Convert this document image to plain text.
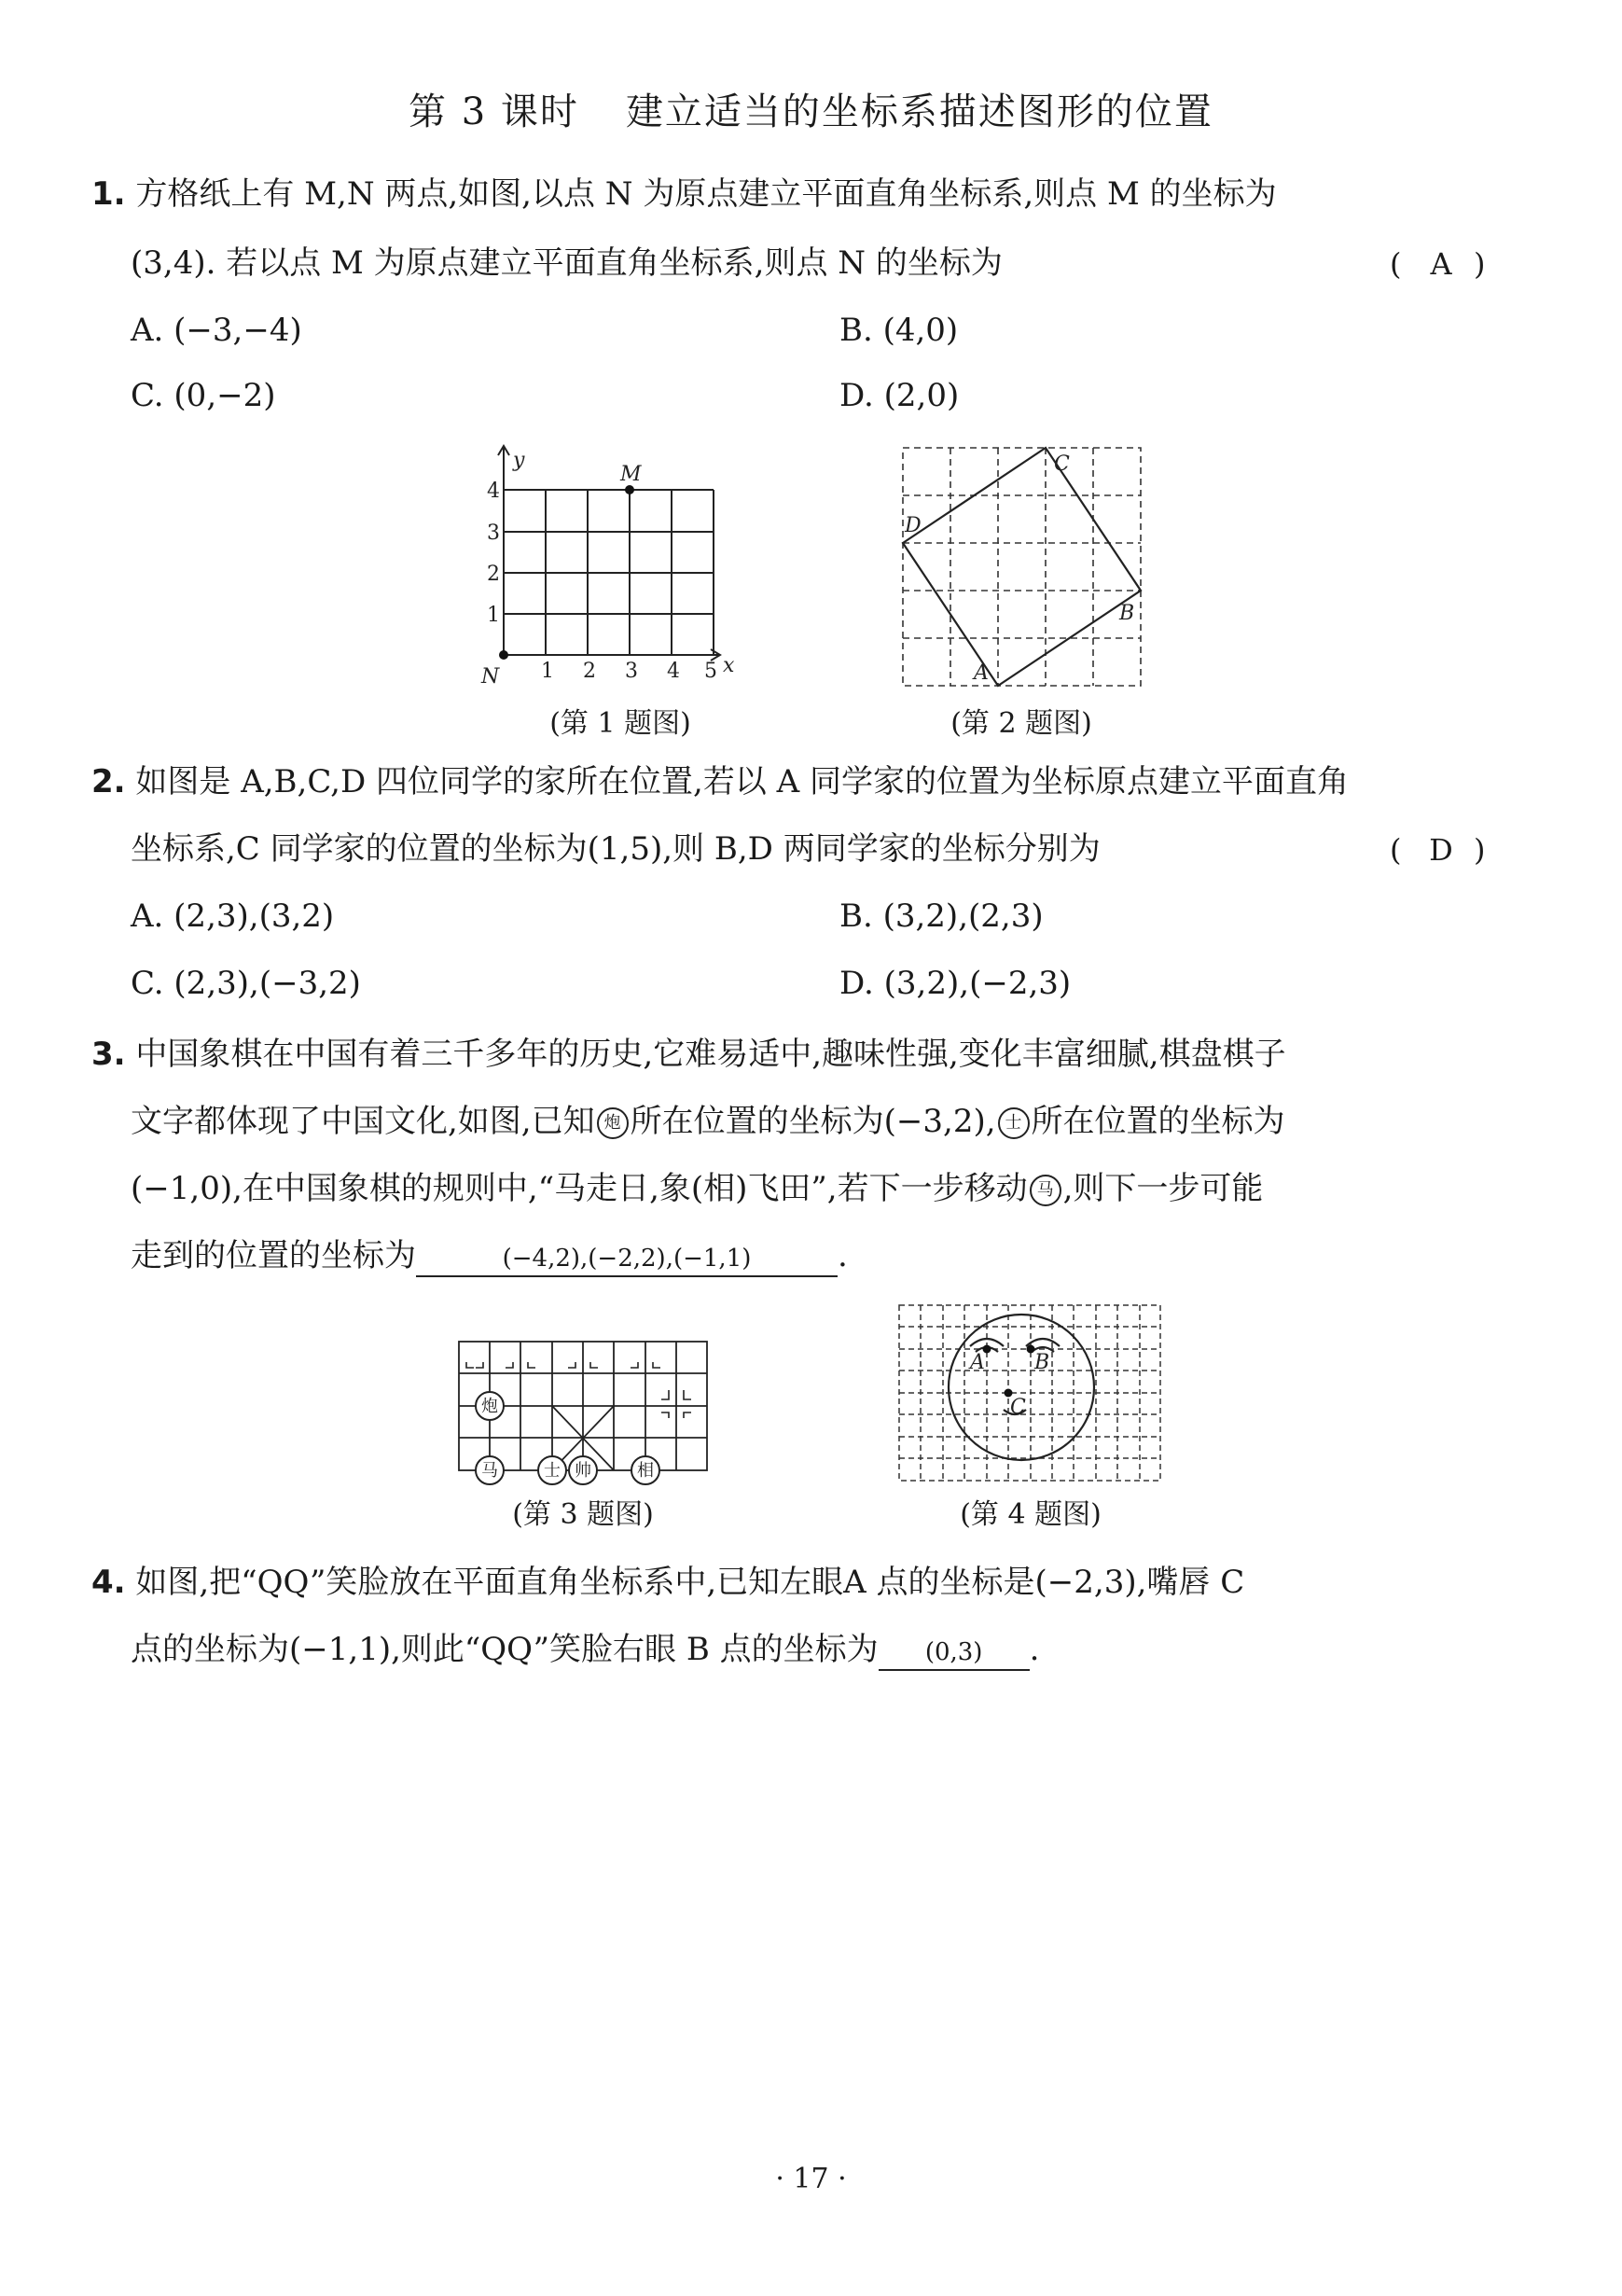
第 3 课时 建立适当的坐标系描述图形的位置
1. 方格纸上有 M,N 两点,如图,以点 N 为原点建立平面直角坐标系,则点 M 的坐标为
(3,4). 若以点 M 为原点建立平面直角坐标系,则点 N 的坐标为	( A )
A. (−3,−4)	B. (4,0)
C. (0,−2)	D. (2,0)
y
x
N
M
1 2 3 4 5
1
2
3
4
(第 1 题图)
A
B
C
D
(第 2 题图)
2. 如图是 A,B,C,D 四位同学的家所在位置,若以 A 同学家的位置为坐标原点建立平面直角
坐标系,C 同学家的位置的坐标为(1,5),则 B,D 两同学家的坐标分别为	( D )
A. (2,3),(3,2)	B. (3,2),(2,3)
C. (2,3),(−3,2)	D. (3,2),(−2,3)
3. 中国象棋在中国有着三千多年的历史,它难易适中,趣味性强,变化丰富细腻,棋盘棋子
文字都体现了中国文化,如图,已知 炮 所在位置的坐标为(−3,2), 士 所在位置的坐标为
(−1,0),在中国象棋的规则中,“马走日,象(相)飞田”,若下一步移动 马 ,则下一步可能
走到的位置的坐标为	(−4,2),(−2,2),(−1,1)	.
炮
马	士 帅	相
(第 3 题图)
A B
C
(第 4 题图)
4. 如图,把“QQ”笑脸放在平面直角坐标系中,已知左眼A 点的坐标是(−2,3),嘴唇 C
点的坐标为(−1,1),则此“QQ”笑脸右眼 B 点的坐标为 (0,3) .
· 17 ·
